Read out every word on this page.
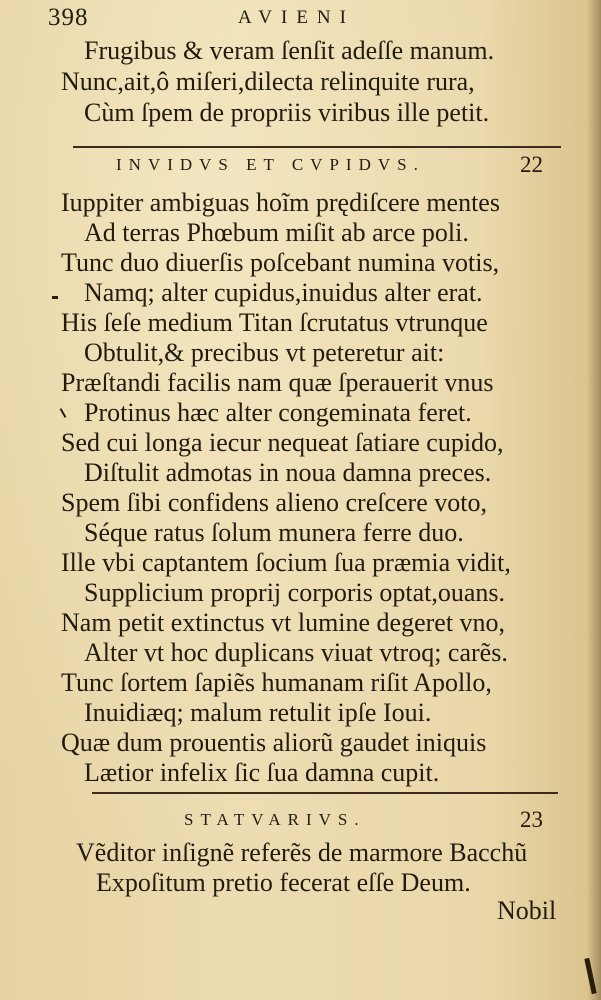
398	AVIENI
Frugibus & veram ſenſit adeſſe manum.
Nunc,ait,ô miſeri,dilecta relinquite rura,
Cùm ſpem de propriis viribus ille petit.
INVIDVS ET CVPIDVS.	22
Iuppiter ambiguas hoĩm prędiſcere mentes
Ad terras Phœbum miſit ab arce poli.
Tunc duo diuerſis poſcebant numina votis,
Namq; alter cupidus,inuidus alter erat.
His ſeſe medium Titan ſcrutatus vtrunque
Obtulit,& precibus vt peteretur ait:
Præſtandi facilis nam quæ ſperauerit vnus
Protinus hæc alter congeminata feret.
Sed cui longa iecur nequeat ſatiare cupido,
Diſtulit admotas in noua damna preces.
Spem ſibi confidens alieno creſcere voto,
Séque ratus ſolum munera ferre duo.
Ille vbi captantem ſocium ſua præmia vidit,
Supplicium proprij corporis optat,ouans.
Nam petit extinctus vt lumine degeret vno,
Alter vt hoc duplicans viuat vtroq; carẽs.
Tunc ſortem ſapiẽs humanam riſit Apollo,
Inuidiæq; malum retulit ipſe Ioui.
Quæ dum prouentis aliorũ gaudet iniquis
Lætior infelix ſic ſua damna cupit.
STATVARIVS.	23
Vẽditor inſignẽ referẽs de marmore Bacchũ
Expoſitum pretio fecerat eſſe Deum.
Nobil
